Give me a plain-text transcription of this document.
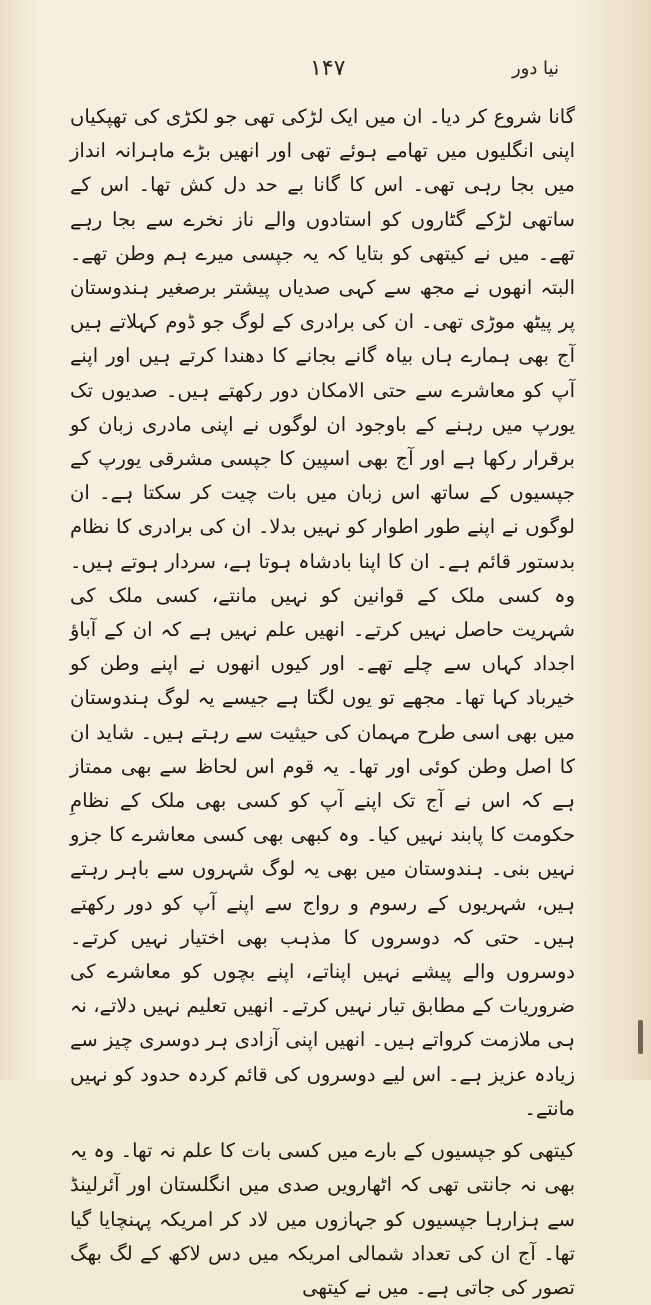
۱۴۷	نیا دور

گانا شروع کر دیا۔ ان میں ایک لڑکی تھی جو لکڑی کی تھپکیاں اپنی انگلیوں میں تھامے ہوئے تھی اور انھیں بڑے ماہرانہ انداز میں بجا رہی تھی۔ اس کا گانا بے حد دل کش تھا۔ اس کے ساتھی لڑکے گٹاروں کو استادوں والے ناز نخرے سے بجا رہے تھے۔ میں نے کیتھی کو بتایا کہ یہ جپسی میرے ہم وطن تھے۔ البتہ انھوں نے مجھ سے کہی صدیاں پیشتر برصغیر ہندوستان پر پیٹھ موڑی تھی۔ ان کی برادری کے لوگ جو ڈوم کہلاتے ہیں آج بھی ہمارے ہاں بیاہ گانے بجانے کا دھندا کرتے ہیں اور اپنے آپ کو معاشرے سے حتی الامکان دور رکھتے ہیں۔ صدیوں تک یورپ میں رہنے کے باوجود ان لوگوں نے اپنی مادری زبان کو برقرار رکھا ہے اور آج بھی اسپین کا جپسی مشرقی یورپ کے جپسیوں کے ساتھ اس زبان میں بات چیت کر سکتا ہے۔ ان لوگوں نے اپنے طور اطوار کو نہیں بدلا۔ ان کی برادری کا نظام بدستور قائم ہے۔ ان کا اپنا بادشاہ ہوتا ہے، سردار ہوتے ہیں۔ وہ کسی ملک کے قوانین کو نہیں مانتے، کسی ملک کی شہریت حاصل نہیں کرتے۔ انھیں علم نہیں ہے کہ ان کے آباؤ اجداد کہاں سے چلے تھے۔ اور کیوں انھوں نے اپنے وطن کو خیرباد کہا تھا۔ مجھے تو یوں لگتا ہے جیسے یہ لوگ ہندوستان میں بھی اسی طرح مہمان کی حیثیت سے رہتے ہیں۔ شاید ان کا اصل وطن کوئی اور تھا۔ یہ قوم اس لحاظ سے بھی ممتاز ہے کہ اس نے آج تک اپنے آپ کو کسی بھی ملک کے نظامِ حکومت کا پابند نہیں کیا۔ وہ کبھی بھی کسی معاشرے کا جزو نہیں بنی۔ ہندوستان میں بھی یہ لوگ شہروں سے باہر رہتے ہیں، شہریوں کے رسوم و رواج سے اپنے آپ کو دور رکھتے ہیں۔ حتی کہ دوسروں کا مذہب بھی اختیار نہیں کرتے۔ دوسروں والے پیشے نہیں اپناتے، اپنے بچوں کو معاشرے کی ضروریات کے مطابق تیار نہیں کرتے۔ انھیں تعلیم نہیں دلاتے، نہ ہی ملازمت کرواتے ہیں۔ انھیں اپنی آزادی ہر دوسری چیز سے زیادہ عزیز ہے۔ اس لیے دوسروں کی قائم کردہ حدود کو نہیں مانتے۔

کیتھی کو جپسیوں کے بارے میں کسی بات کا علم نہ تھا۔ وہ یہ بھی نہ جانتی تھی کہ اٹھارویں صدی میں انگلستان اور آئرلینڈ سے ہزارہا جپسیوں کو جہازوں میں لاد کر امریکہ پہنچایا گیا تھا۔ آج ان کی تعداد شمالی امریکہ میں دس لاکھ کے لگ بھگ تصور کی جاتی ہے۔ میں نے کیتھی
